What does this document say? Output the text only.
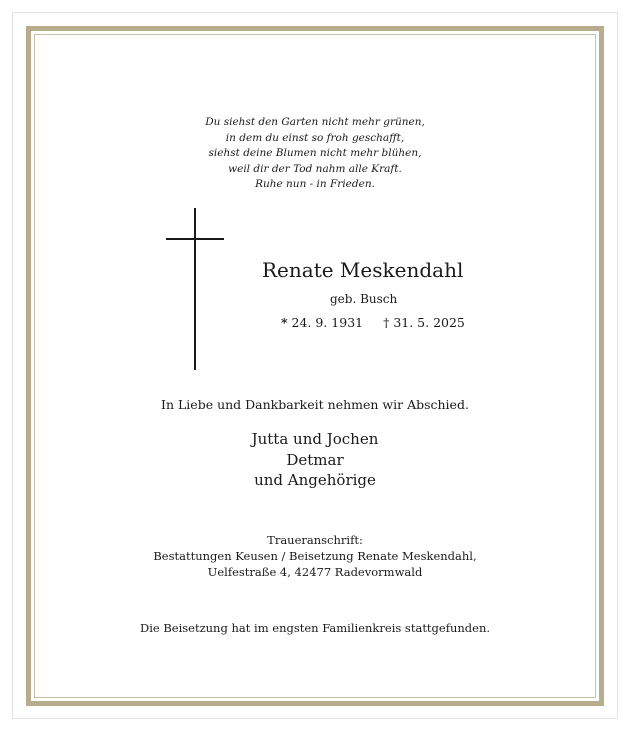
Du siehst den Garten nicht mehr grünen,
in dem du einst so froh geschafft,
siehst deine Blumen nicht mehr blühen,
weil dir der Tod nahm alle Kraft.
Ruhe nun - in Frieden.
Renate Meskendahl
geb. Busch
* 24. 9. 1931 † 31. 5. 2025
In Liebe und Dankbarkeit nehmen wir Abschied.
Jutta und Jochen
Detmar
und Angehörige
Traueranschrift:
Bestattungen Keusen / Beisetzung Renate Meskendahl,
Uelfestraße 4, 42477 Radevormwald
Die Beisetzung hat im engsten Familienkreis stattgefunden.
